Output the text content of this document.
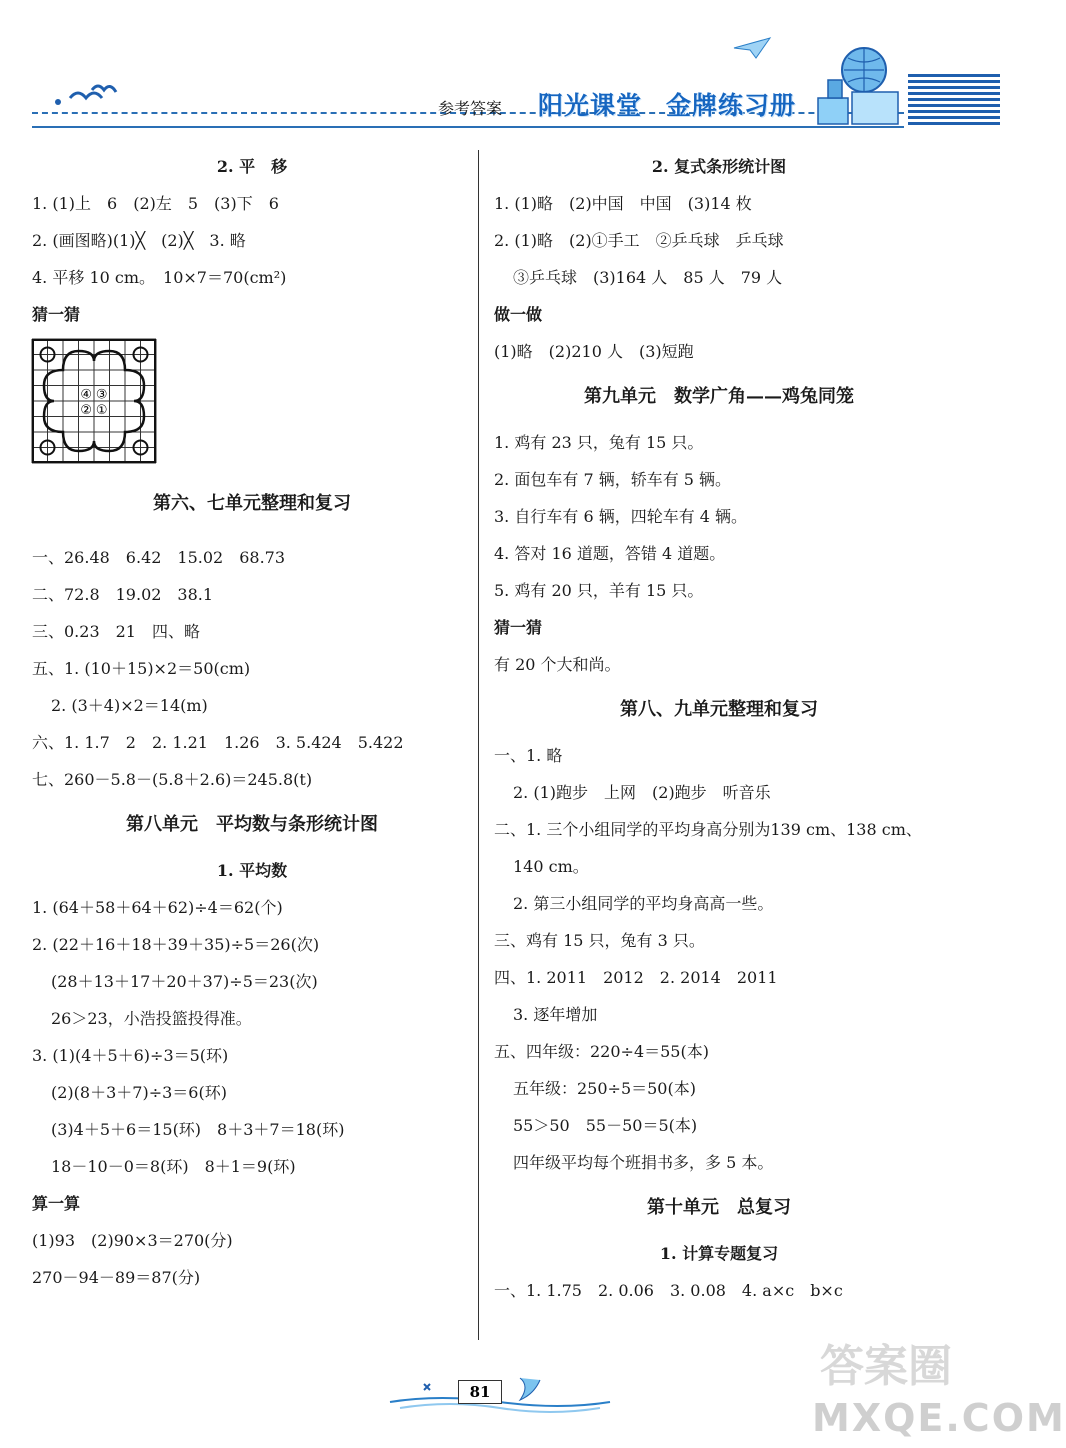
参考答案 阳光课堂 金牌练习册
2. 平　移
1. (1)上　6　(2)左　5　(3)下　6
2. (画图略)(1)╳　(2)╳　3. 略
4. 平移 10 cm。　10×7＝70(cm²)
猜一猜
④ ③
② ①
第六、七单元整理和复习
一、26.48　6.42　15.02　68.73
二、72.8　19.02　38.1
三、0.23　21　四、略
五、1. (10＋15)×2＝50(cm)
2. (3＋4)×2＝14(m)
六、1. 1.7　2　2. 1.21　1.26　3. 5.424　5.422
七、260－5.8－(5.8＋2.6)＝245.8(t)
第八单元　平均数与条形统计图
1. 平均数
1. (64＋58＋64＋62)÷4＝62(个)
2. (22＋16＋18＋39＋35)÷5＝26(次)
(28＋13＋17＋20＋37)÷5＝23(次)
26＞23，小浩投篮投得准。
3. (1)(4＋5＋6)÷3＝5(环)
(2)(8＋3＋7)÷3＝6(环)
(3)4＋5＋6＝15(环)　8＋3＋7＝18(环)
18－10－0＝8(环)　8＋1＝9(环)
算一算
(1)93　(2)90×3＝270(分)
270－94－89＝87(分)
2. 复式条形统计图
1. (1)略　(2)中国　中国　(3)14 枚
2. (1)略　(2)①手工　②乒乓球　乒乓球
③乒乓球　(3)164 人　85 人　79 人
做一做
(1)略　(2)210 人　(3)短跑
第九单元　数学广角——鸡兔同笼
1. 鸡有 23 只，兔有 15 只。
2. 面包车有 7 辆，轿车有 5 辆。
3. 自行车有 6 辆，四轮车有 4 辆。
4. 答对 16 道题，答错 4 道题。
5. 鸡有 20 只，羊有 15 只。
猜一猜
有 20 个大和尚。
第八、九单元整理和复习
一、1. 略
2. (1)跑步　上网　(2)跑步　听音乐
二、1. 三个小组同学的平均身高分别为139 cm、138 cm、
140 cm。
2. 第三小组同学的平均身高高一些。
三、鸡有 15 只，兔有 3 只。
四、1. 2011　2012　2. 2014　2011
3. 逐年增加
五、四年级：220÷4＝55(本)
五年级：250÷5＝50(本)
55＞50　55－50＝5(本)
四年级平均每个班捐书多，多 5 本。
第十单元　总复习
1. 计算专题复习
一、1. 1.75　2. 0.06　3. 0.08　4. a×c　b×c
81	答案圈
MXQE.COM
